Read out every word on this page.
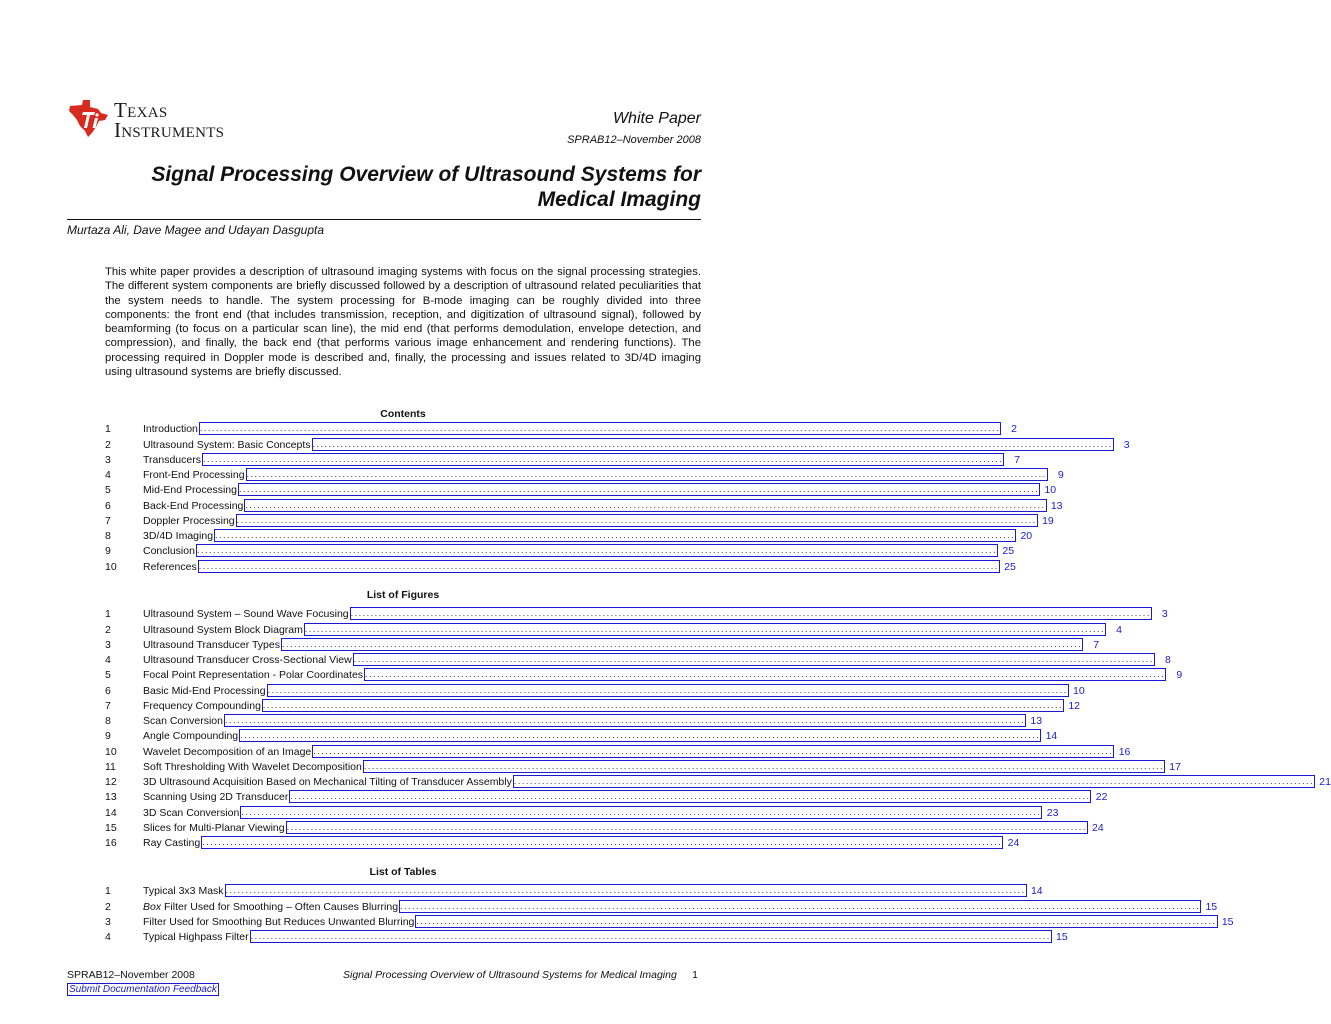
Texas
Instruments	White Paper
SPRAB12–November 2008
Signal Processing Overview of Ultrasound Systems for Medical Imaging
Murtaza Ali, Dave Magee and Udayan Dasgupta
This white paper provides a description of ultrasound imaging systems with focus on the signal processing strategies. The different system components are briefly discussed followed by a description of ultrasound related peculiarities that the system needs to handle. The system processing for B-mode imaging can be roughly divided into three components: the front end (that includes transmission, reception, and digitization of ultrasound signal), followed by beamforming (to focus on a particular scan line), the mid end (that performs demodulation, envelope detection, and compression), and finally, the back end (that performs various image enhancement and rendering functions). The processing required in Doppler mode is described and, finally, the processing and issues related to 3D/4D imaging using ultrasound systems are briefly discussed.
Contents
1	Introduction ........................................................................................................................................................................................................	2
2	Ultrasound System: Basic Concepts ........................................................................................................................................................................................................	3
3	Transducers ........................................................................................................................................................................................................	7
4	Front-End Processing ........................................................................................................................................................................................................	9
5	Mid-End Processing ........................................................................................................................................................................................................ 10
6	Back-End Processing ........................................................................................................................................................................................................ 13
7	Doppler Processing ........................................................................................................................................................................................................ 19
8	3D/4D Imaging ........................................................................................................................................................................................................ 20
9	Conclusion ........................................................................................................................................................................................................ 25
10	References ........................................................................................................................................................................................................ 25
List of Figures
1	Ultrasound System – Sound Wave Focusing ........................................................................................................................................................................................................	3
2	Ultrasound System Block Diagram ........................................................................................................................................................................................................	4
3	Ultrasound Transducer Types ........................................................................................................................................................................................................	7
4	Ultrasound Transducer Cross-Sectional View ........................................................................................................................................................................................................	8
5	Focal Point Representation - Polar Coordinates ........................................................................................................................................................................................................	9
6	Basic Mid-End Processing ........................................................................................................................................................................................................ 10
7	Frequency Compounding ........................................................................................................................................................................................................ 12
8	Scan Conversion ........................................................................................................................................................................................................ 13
9	Angle Compounding ........................................................................................................................................................................................................ 14
10	Wavelet Decomposition of an Image ........................................................................................................................................................................................................ 16
11	Soft Thresholding With Wavelet Decomposition ........................................................................................................................................................................................................ 17
12	3D Ultrasound Acquisition Based on Mechanical Tilting of Transducer Assembly ........................................................................................................................................................................................................ 21
13	Scanning Using 2D Transducer ........................................................................................................................................................................................................ 22
14	3D Scan Conversion ........................................................................................................................................................................................................ 23
15	Slices for Multi-Planar Viewing ........................................................................................................................................................................................................ 24
16	Ray Casting ........................................................................................................................................................................................................ 24
List of Tables
1	Typical 3x3 Mask ........................................................................................................................................................................................................ 14
2	Box Filter Used for Smoothing – Often Causes Blurring ........................................................................................................................................................................................................ 15
3	Filter Used for Smoothing But Reduces Unwanted Blurring ........................................................................................................................................................................................................ 15
4	Typical Highpass Filter ........................................................................................................................................................................................................ 15
SPRAB12–November 2008	Signal Processing Overview of Ultrasound Systems for Medical Imaging 1
Submit Documentation Feedback
